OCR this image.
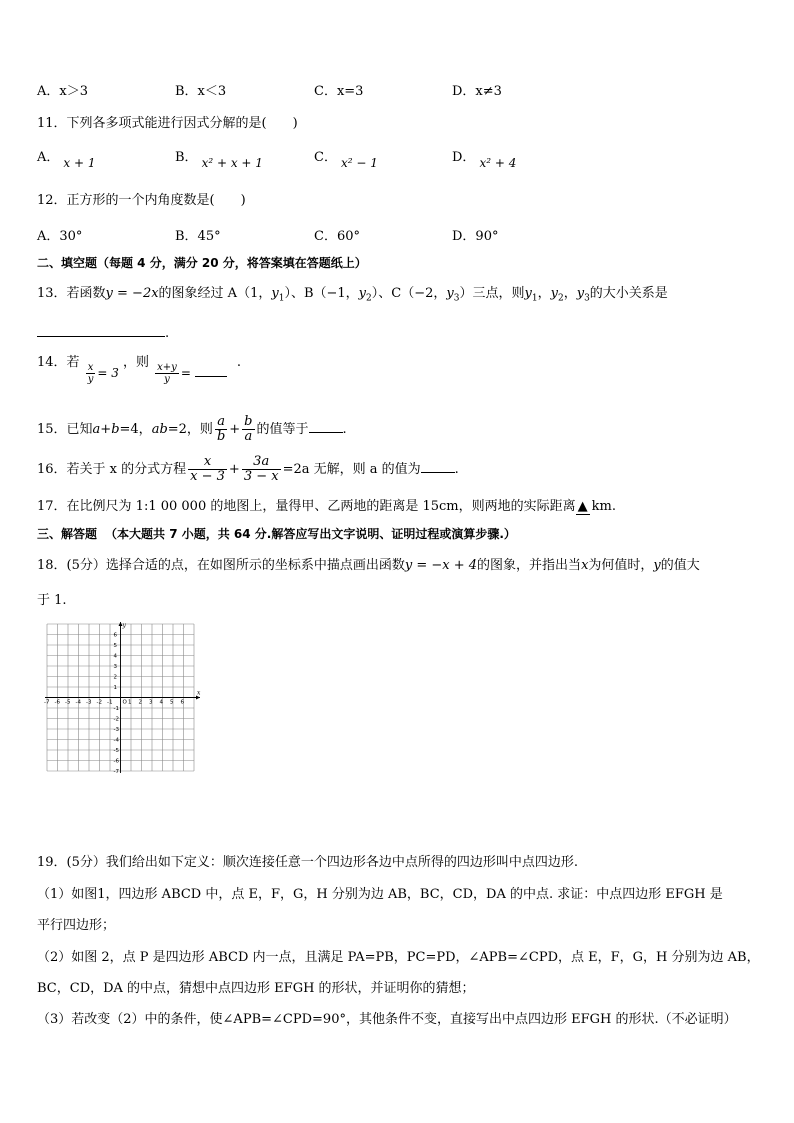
A．x＞3	B．x＜3	C．x=3	D．x≠3
11．下列各多项式能进行因式分解的是(　　)
A． x + 1	B． x² + x + 1	C． x² − 1	D． x² + 4
12．正方形的一个内角度数是(　　)
A．30°	B．45°	C．60°	D．90°
二、填空题（每题 4 分，满分 20 分，将答案填在答题纸上）
13．若函数y = −2x的图象经过 A（1，$y_1$）、B（−1，$y_2$）、C（−2，$y_3$）三点，则$y_1$，$y_2$，$y_3$的大小关系是
.
14．若 $\frac{x}{y} = 3$ ，则 $\frac{x+y}{y}$ =  .
15．已知a+b=4，ab=2，则 $\frac{a}{b} + \frac{b}{a}$ 的值等于	.
16．若关于 x 的分式方程 $\frac{x}{x - 3} + \frac{3a}{3 - x} =2a$ 无解，则 a 的值为	.
17．在比例尺为 1:1 00 000 的地图上，量得甲、乙两地的距离是 15cm，则两地的实际距离 ▲ km.
三、解答题 （本大题共 7 小题，共 64 分.解答应写出文字说明、证明过程或演算步骤.）
18．(5分）选择合适的点，在如图所示的坐标系中描点画出函数y = −x + 4的图象，并指出当x为何值时，y的值大
于 1.
x
y
-7 -6 -5 -4 -3 -2 -1 O 1 2 3 4 5 6
6
5
4
3
2
1
-1
-2
-3
-4
-5
-6
-7
19．(5分）我们给出如下定义：顺次连接任意一个四边形各边中点所得的四边形叫中点四边形.
（1）如图1，四边形 ABCD 中，点 E，F，G，H 分别为边 AB，BC，CD，DA 的中点. 求证：中点四边形 EFGH 是
平行四边形；
（2）如图 2，点 P 是四边形 ABCD 内一点，且满足 PA=PB，PC=PD，∠APB=∠CPD，点 E，F，G，H 分别为边 AB，
BC，CD，DA 的中点，猜想中点四边形 EFGH 的形状，并证明你的猜想；
（3）若改变（2）中的条件，使∠APB=∠CPD=90°，其他条件不变，直接写出中点四边形 EFGH 的形状.（不必证明）
